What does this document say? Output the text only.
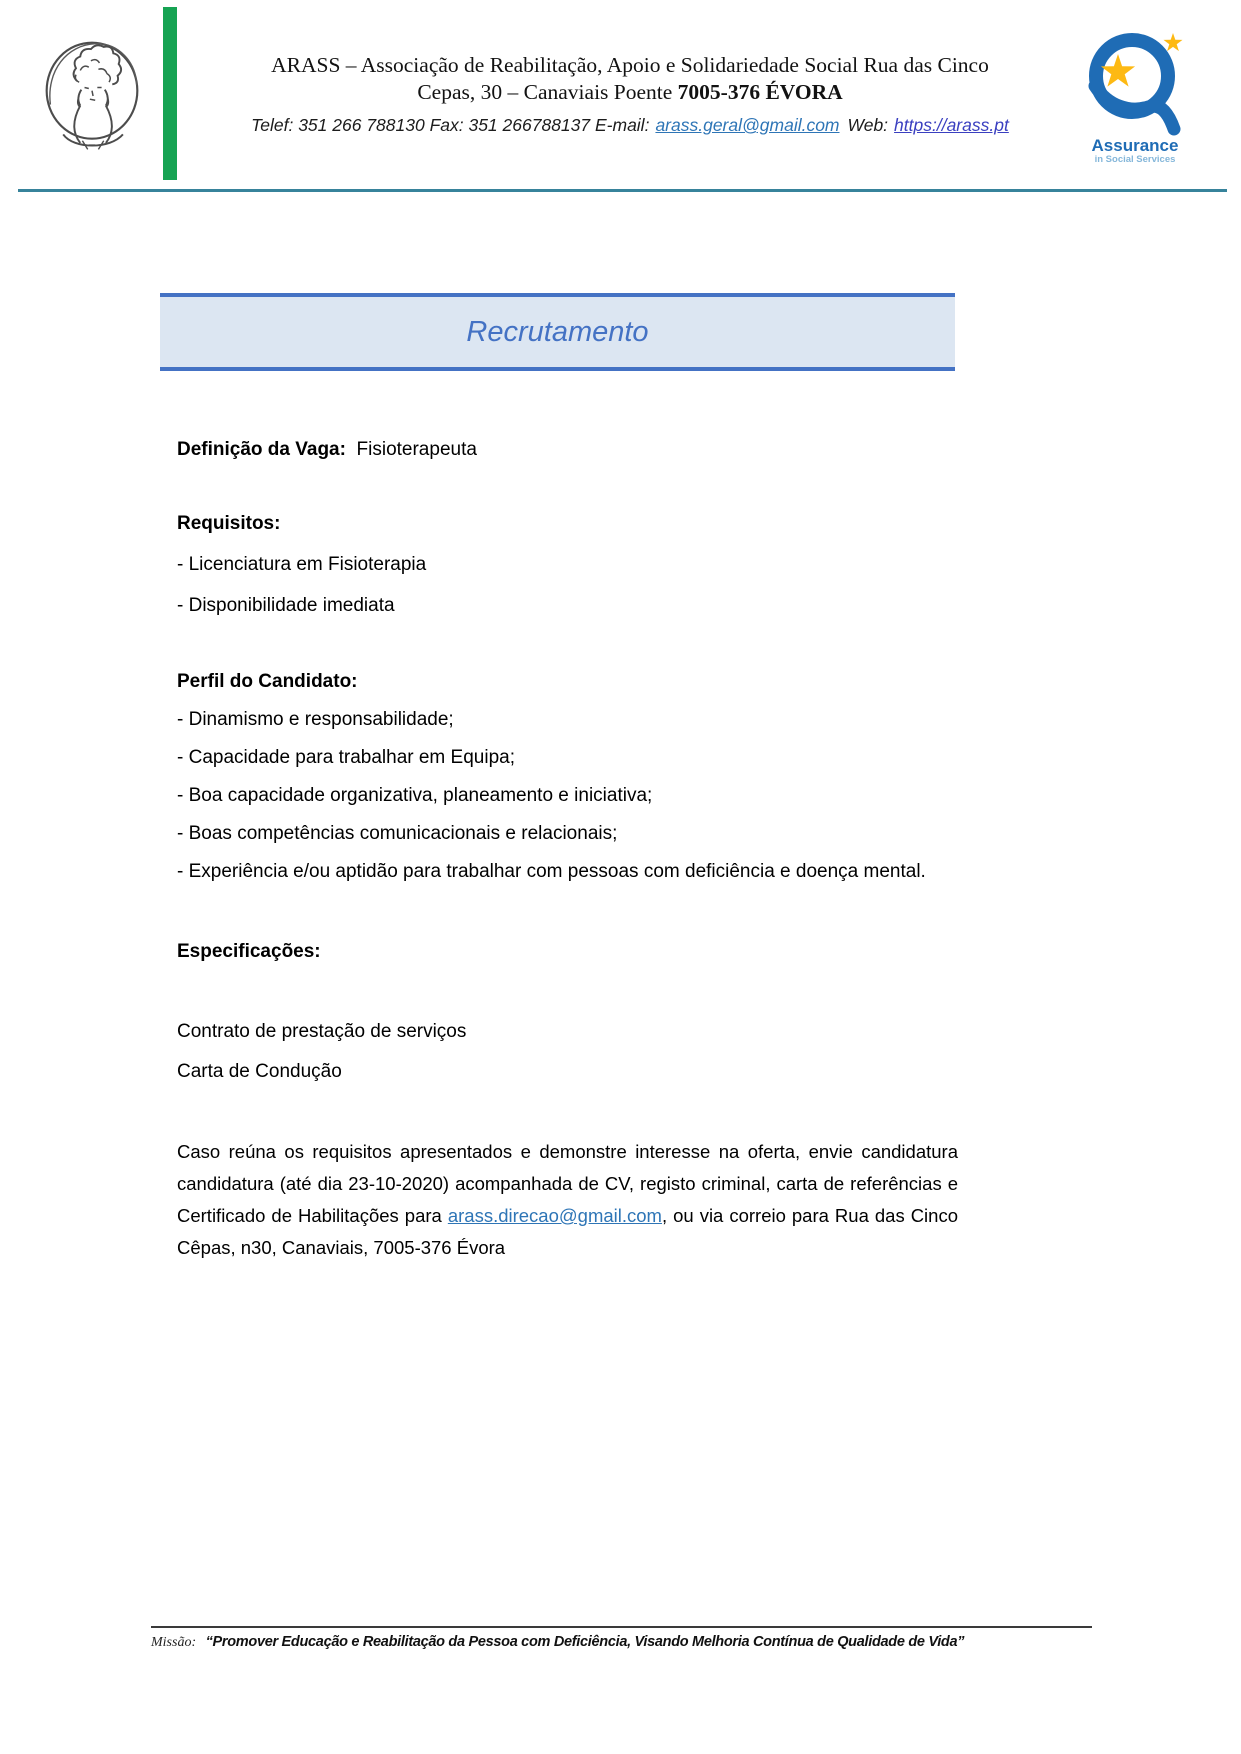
ARASS – Associação de Reabilitação, Apoio e Solidariedade Social Rua das Cinco
Cepas, 30 – Canaviais Poente 7005-376 ÉVORA
Telef: 351 266 788130 Fax: 351 266788137 E-mail: arass.geral@gmail.com Web: https://arass.pt
Assurance
in Social Services
Recrutamento
Definição da Vaga: Fisioterapeuta
Requisitos:
- Licenciatura em Fisioterapia
- Disponibilidade imediata
Perfil do Candidato:
- Dinamismo e responsabilidade;
- Capacidade para trabalhar em Equipa;
- Boa capacidade organizativa, planeamento e iniciativa;
- Boas competências comunicacionais e relacionais;
- Experiência e/ou aptidão para trabalhar com pessoas com deficiência e doença mental.
Especificações:
Contrato de prestação de serviços
Carta de Condução
Caso reúna os requisitos apresentados e demonstre interesse na oferta, envie candidatura candidatura (até dia 23-10-2020) acompanhada de CV, registo criminal, carta de referências e Certificado de Habilitações para arass.direcao@gmail.com, ou via correio para Rua das Cinco Cêpas, n30, Canaviais, 7005-376 Évora
Missão: “Promover Educação e Reabilitação da Pessoa com Deficiência, Visando Melhoria Contínua de Qualidade de Vida”
